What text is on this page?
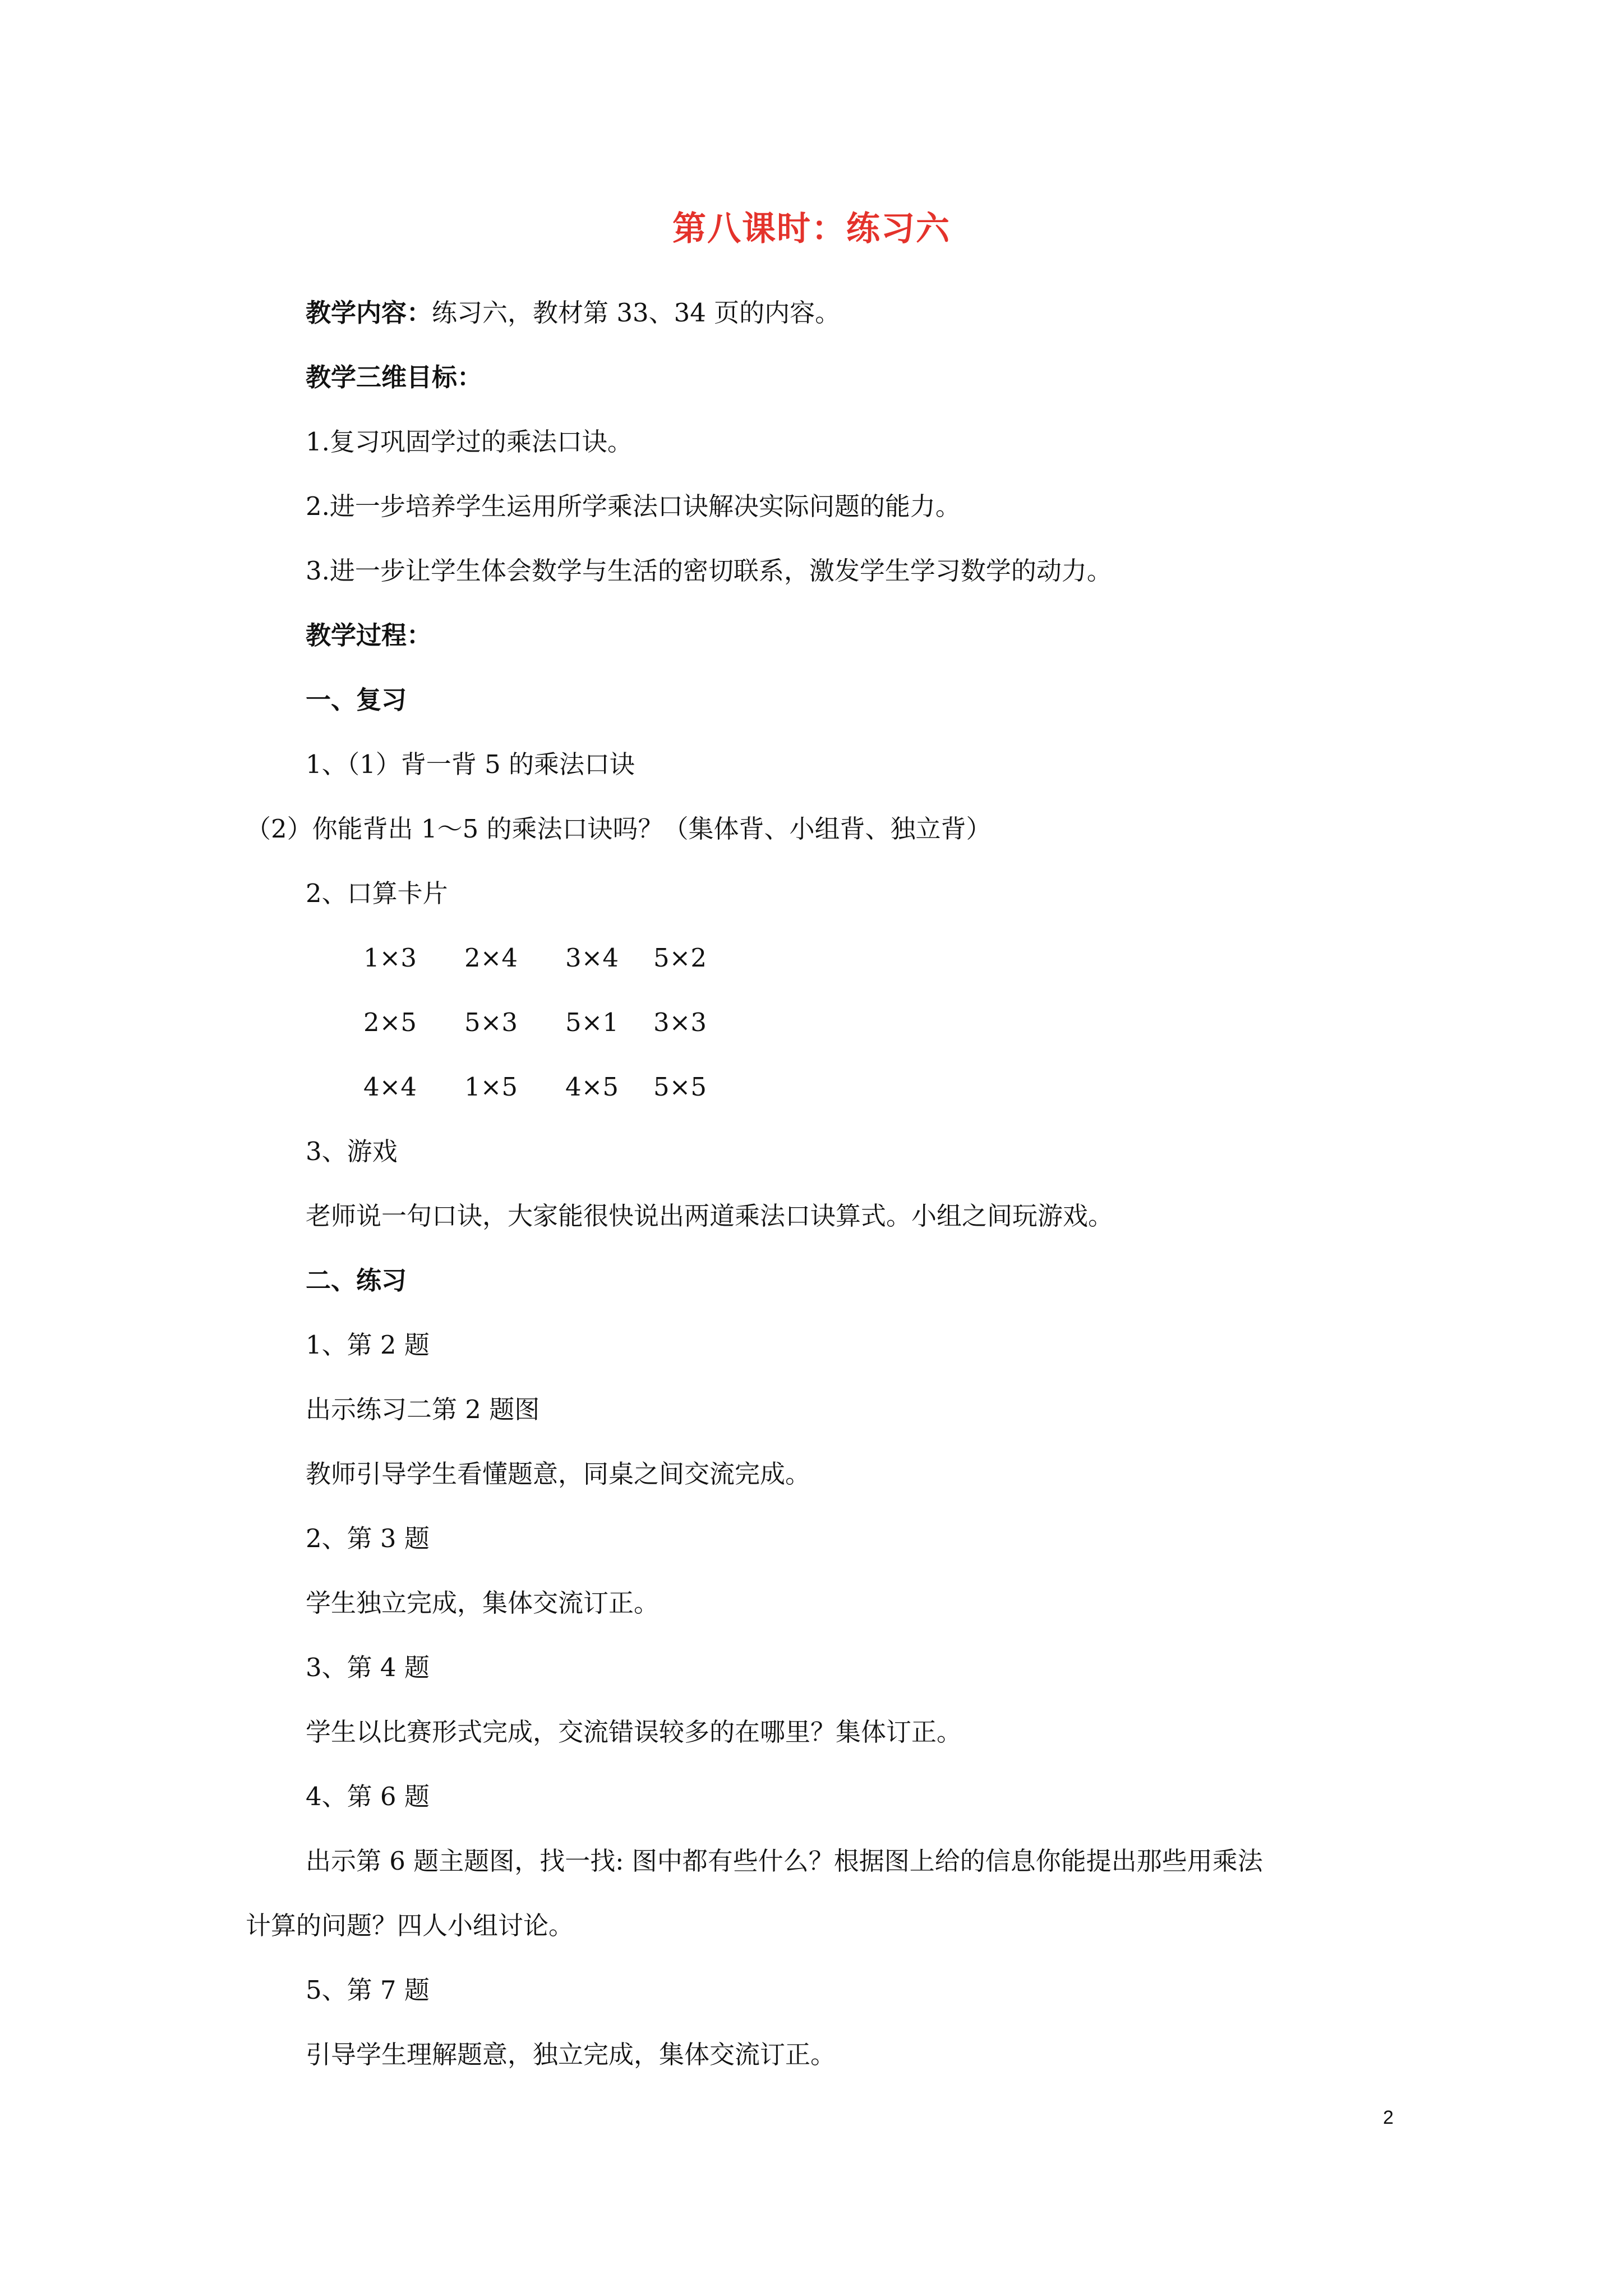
第八课时：练习六
教学内容：练习六，教材第 33、34 页的内容。
教学三维目标：
1.复习巩固学过的乘法口诀。
2.进一步培养学生运用所学乘法口诀解决实际问题的能力。
3.进一步让学生体会数学与生活的密切联系，激发学生学习数学的动力。
教学过程：
一、复习
1、（1）背一背 5 的乘法口诀
（2）你能背出 1～5 的乘法口诀吗？（集体背、小组背、独立背）
2、口算卡片
1×3 2×4 3×4 5×2
2×5 5×3 5×1 3×3
4×4 1×5 4×5 5×5
3、游戏
老师说一句口诀，大家能很快说出两道乘法口诀算式。小组之间玩游戏。
二、练习
1、第 2 题
出示练习二第 2 题图
教师引导学生看懂题意，同桌之间交流完成。
2、第 3 题
学生独立完成，集体交流订正。
3、第 4 题
学生以比赛形式完成，交流错误较多的在哪里？集体订正。
4、第 6 题
出示第 6 题主题图，找一找: 图中都有些什么？根据图上给的信息你能提出那些用乘法
计算的问题？四人小组讨论。
5、第 7 题
引导学生理解题意，独立完成，集体交流订正。
2
